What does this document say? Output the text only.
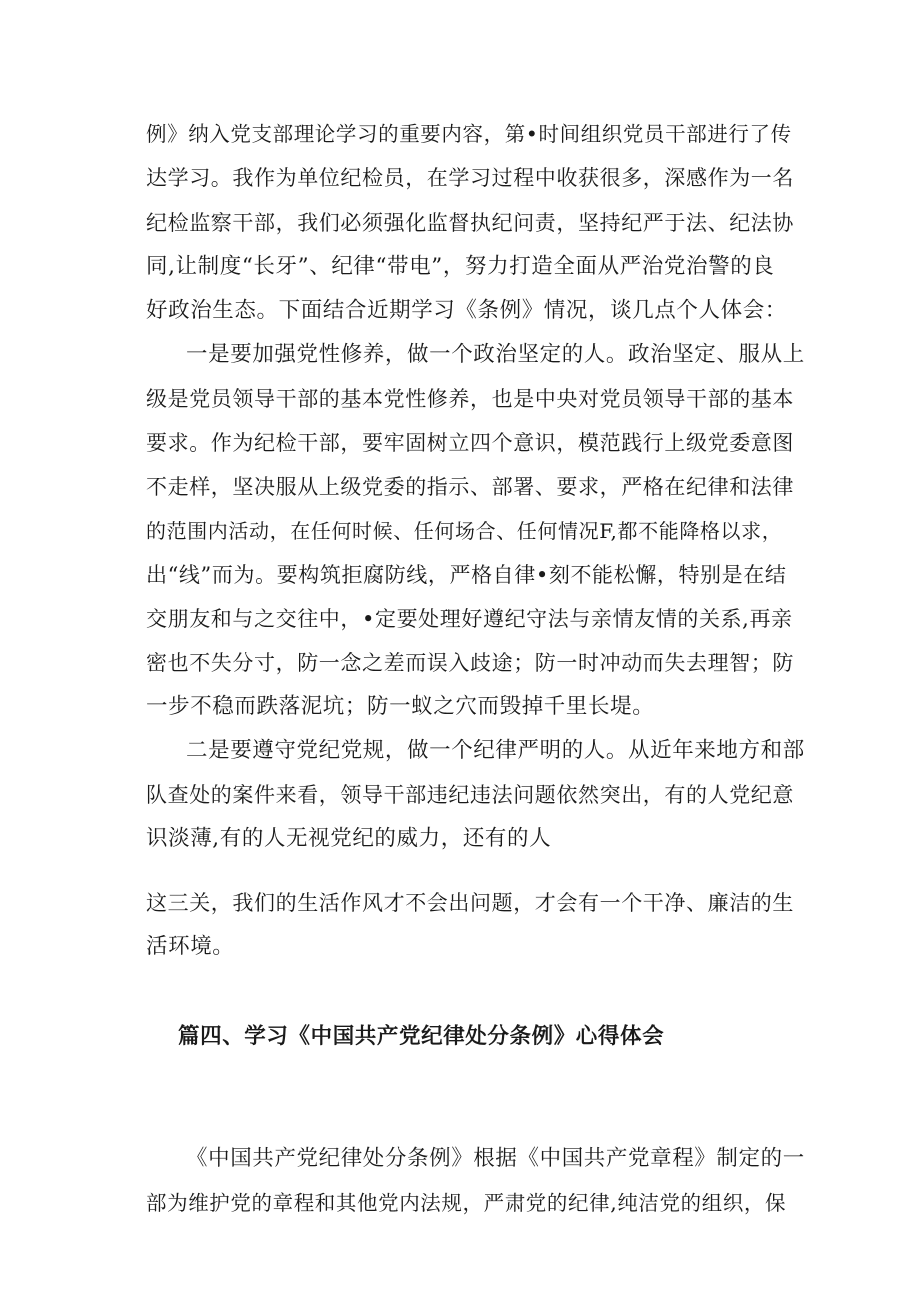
例》纳入党支部理论学习的重要内容，第•时间组织党员干部进行了传
达学习。我作为单位纪检员，在学习过程中收获很多，深感作为一名
纪检监察干部，我们必须强化监督执纪问责，坚持纪严于法、纪法协
同,让制度“长牙”、纪律“带电”，努力打造全面从严治党治警的良
好政治生态。下面结合近期学习《条例》情况，谈几点个人体会：
一是要加强党性修养，做一个政治坚定的人。政治坚定、服从上
级是党员领导干部的基本党性修养，也是中央对党员领导干部的基本
要求。作为纪检干部，要牢固树立四个意识，模范践行上级党委意图
不走样，坚决服从上级党委的指示、部署、要求，严格在纪律和法律
的范围内活动，在任何时候、任何场合、任何情况F,都不能降格以求，
出“线”而为。要构筑拒腐防线，严格自律•刻不能松懈，特别是在结
交朋友和与之交往中，•定要处理好遵纪守法与亲情友情的关系,再亲
密也不失分寸，防一念之差而误入歧途；防一时冲动而失去理智；防
一步不稳而跌落泥坑；防一蚁之穴而毁掉千里长堤。
二是要遵守党纪党规，做一个纪律严明的人。从近年来地方和部
队查处的案件来看，领导干部违纪违法问题依然突出，有的人党纪意
识淡薄,有的人无视党纪的威力，还有的人
这三关，我们的生活作风才不会出问题，才会有一个干净、廉洁的生
活环境。
篇四、学习《中国共产党纪律处分条例》心得体会
《中国共产党纪律处分条例》根据《中国共产党章程》制定的一
部为维护党的章程和其他党内法规，严肃党的纪律,纯洁党的组织，保
